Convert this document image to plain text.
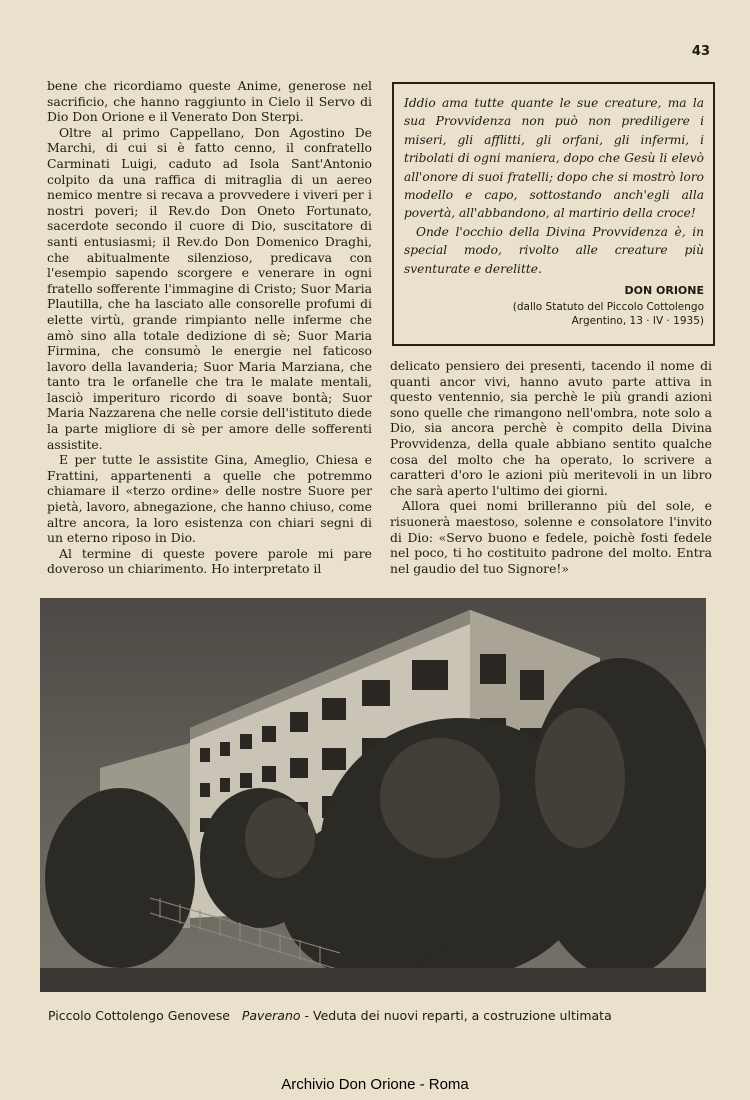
43

bene che ricordiamo queste Anime, generose nel sacrificio, che hanno raggiunto in Cielo il Servo di Dio Don Orione e il Venerato Don Sterpi.

Oltre al primo Cappellano, Don Agostino De Marchi, di cui si è fatto cenno, il confratello Carminati Luigi, caduto ad Isola Sant'Antonio colpito da una raffica di mitraglia di un aereo nemico mentre si recava a provvedere i viveri per i nostri poveri; il Rev.do Don Oneto Fortunato, sacerdote secondo il cuore di Dio, suscitatore di santi entusiasmi; il Rev.do Don Domenico Draghi, che abitualmente silenzioso, predicava con l'esempio sapendo scorgere e venerare in ogni fratello sofferente l'immagine di Cristo; Suor Maria Plautilla, che ha lasciato alle consorelle profumi di elette virtù, grande rimpianto nelle inferme che amò sino alla totale dedizione di sè; Suor Maria Firmina, che consumò le energie nel faticoso lavoro della lavanderia; Suor Maria Marziana, che tanto tra le orfanelle che tra le malate mentali, lasciò imperituro ricordo di soave bontà; Suor Maria Nazzarena che nelle corsie dell'istituto diede la parte migliore di sè per amore delle sofferenti assistite.

E per tutte le assistite Gina, Ameglio, Chiesa e Frattini, appartenenti a quelle che potremmo chiamare il «terzo ordine» delle nostre Suore per pietà, lavoro, abnegazione, che hanno chiuso, come altre ancora, la loro esistenza con chiari segni di un eterno riposo in Dio.

Al termine di queste povere parole mi pare doveroso un chiarimento. Ho interpretato il

Iddio ama tutte quante le sue creature, ma la sua Provvidenza non può non prediligere i miseri, gli afflitti, gli orfani, gli infermi, i tribolati di ogni maniera, dopo che Gesù li elevò all'onore di suoi fratelli; dopo che si mostrò loro modello e capo, sottostando anch'egli alla povertà, all'abbandono, al martirio della croce!

Onde l'occhio della Divina Provvidenza è, in special modo, rivolto alle creature più sventurate e derelitte.

DON ORIONE
(dallo Statuto del Piccolo Cottolengo
Argentino, 13 · IV · 1935)

delicato pensiero dei presenti, tacendo il nome di quanti ancor vivi, hanno avuto parte attiva in questo ventennio, sia perchè le più grandi azioni sono quelle che rimangono nell'ombra, note solo a Dio, sia ancora perchè è compito della Divina Provvidenza, della quale abbiano sentito qualche cosa del molto che ha operato, lo scrivere a caratteri d'oro le azioni più meritevoli in un libro che sarà aperto l'ultimo dei giorni.

Allora quei nomi brilleranno più del sole, e risuonerà maestoso, solenne e consolatore l'invito di Dio: «Servo buono e fedele, poichè fosti fedele nel poco, ti ho costituito padrone del molto. Entra nel gaudio del tuo Signore!»

Piccolo Cottolengo Genovese Paverano - Veduta dei nuovi reparti, a costruzione ultimata
Archivio Don Orione - Roma
